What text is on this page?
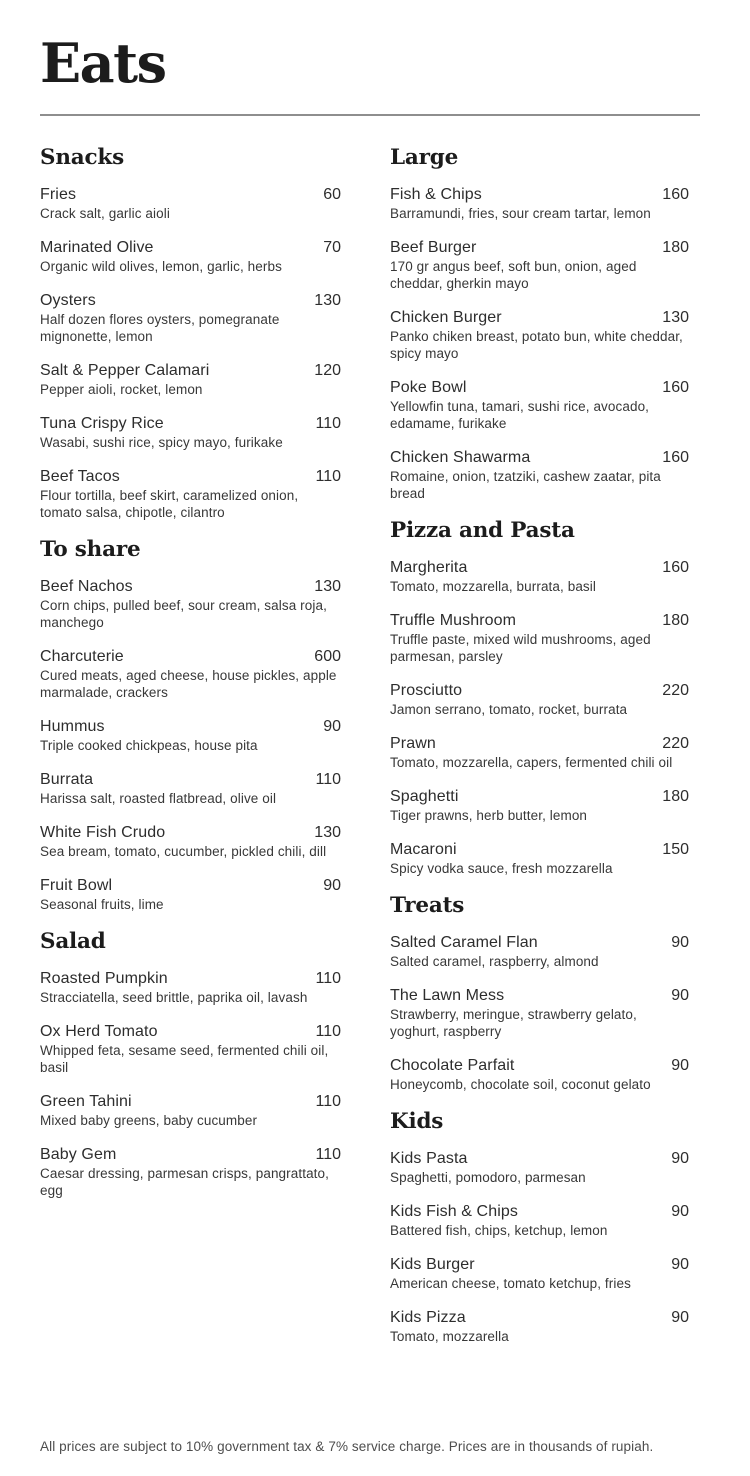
Eats
Snacks
Fries	60
Crack salt, garlic aioli
Marinated Olive	70
Organic wild olives, lemon, garlic, herbs
Oysters	130
Half dozen flores oysters, pomegranate mignonette, lemon
Salt & Pepper Calamari	120
Pepper aioli, rocket, lemon
Tuna Crispy Rice	110
Wasabi, sushi rice, spicy mayo, furikake
Beef Tacos	110
Flour tortilla, beef skirt, caramelized onion, tomato salsa, chipotle, cilantro
To share
Beef Nachos	130
Corn chips, pulled beef, sour cream, salsa roja, manchego
Charcuterie	600
Cured meats, aged cheese, house pickles, apple marmalade, crackers
Hummus	90
Triple cooked chickpeas, house pita
Burrata	110
Harissa salt, roasted flatbread, olive oil
White Fish Crudo	130
Sea bream, tomato, cucumber, pickled chili, dill
Fruit Bowl	90
Seasonal fruits, lime
Salad
Roasted Pumpkin	110
Stracciatella, seed brittle, paprika oil, lavash
Ox Herd Tomato	110
Whipped feta, sesame seed, fermented chili oil, basil
Green Tahini	110
Mixed baby greens, baby cucumber
Baby Gem	110
Caesar dressing, parmesan crisps, pangrattato, egg
Large
Fish & Chips	160
Barramundi, fries, sour cream tartar, lemon
Beef Burger	180
170 gr angus beef, soft bun, onion, aged cheddar, gherkin mayo
Chicken Burger	130
Panko chiken breast, potato bun, white cheddar, spicy mayo
Poke Bowl	160
Yellowfin tuna, tamari, sushi rice, avocado, edamame, furikake
Chicken Shawarma	160
Romaine, onion, tzatziki, cashew zaatar, pita bread
Pizza and Pasta
Margherita	160
Tomato, mozzarella, burrata, basil
Truffle Mushroom	180
Truffle paste, mixed wild mushrooms, aged parmesan, parsley
Prosciutto	220
Jamon serrano, tomato, rocket, burrata
Prawn	220
Tomato, mozzarella, capers, fermented chili oil
Spaghetti	180
Tiger prawns, herb butter, lemon
Macaroni	150
Spicy vodka sauce, fresh mozzarella
Treats
Salted Caramel Flan	90
Salted caramel, raspberry, almond
The Lawn Mess	90
Strawberry, meringue, strawberry gelato, yoghurt, raspberry
Chocolate Parfait	90
Honeycomb, chocolate soil, coconut gelato
Kids
Kids Pasta	90
Spaghetti, pomodoro, parmesan
Kids Fish & Chips	90
Battered fish, chips, ketchup, lemon
Kids Burger	90
American cheese, tomato ketchup, fries
Kids Pizza	90
Tomato, mozzarella
All prices are subject to 10% government tax & 7% service charge. Prices are in thousands of rupiah.
